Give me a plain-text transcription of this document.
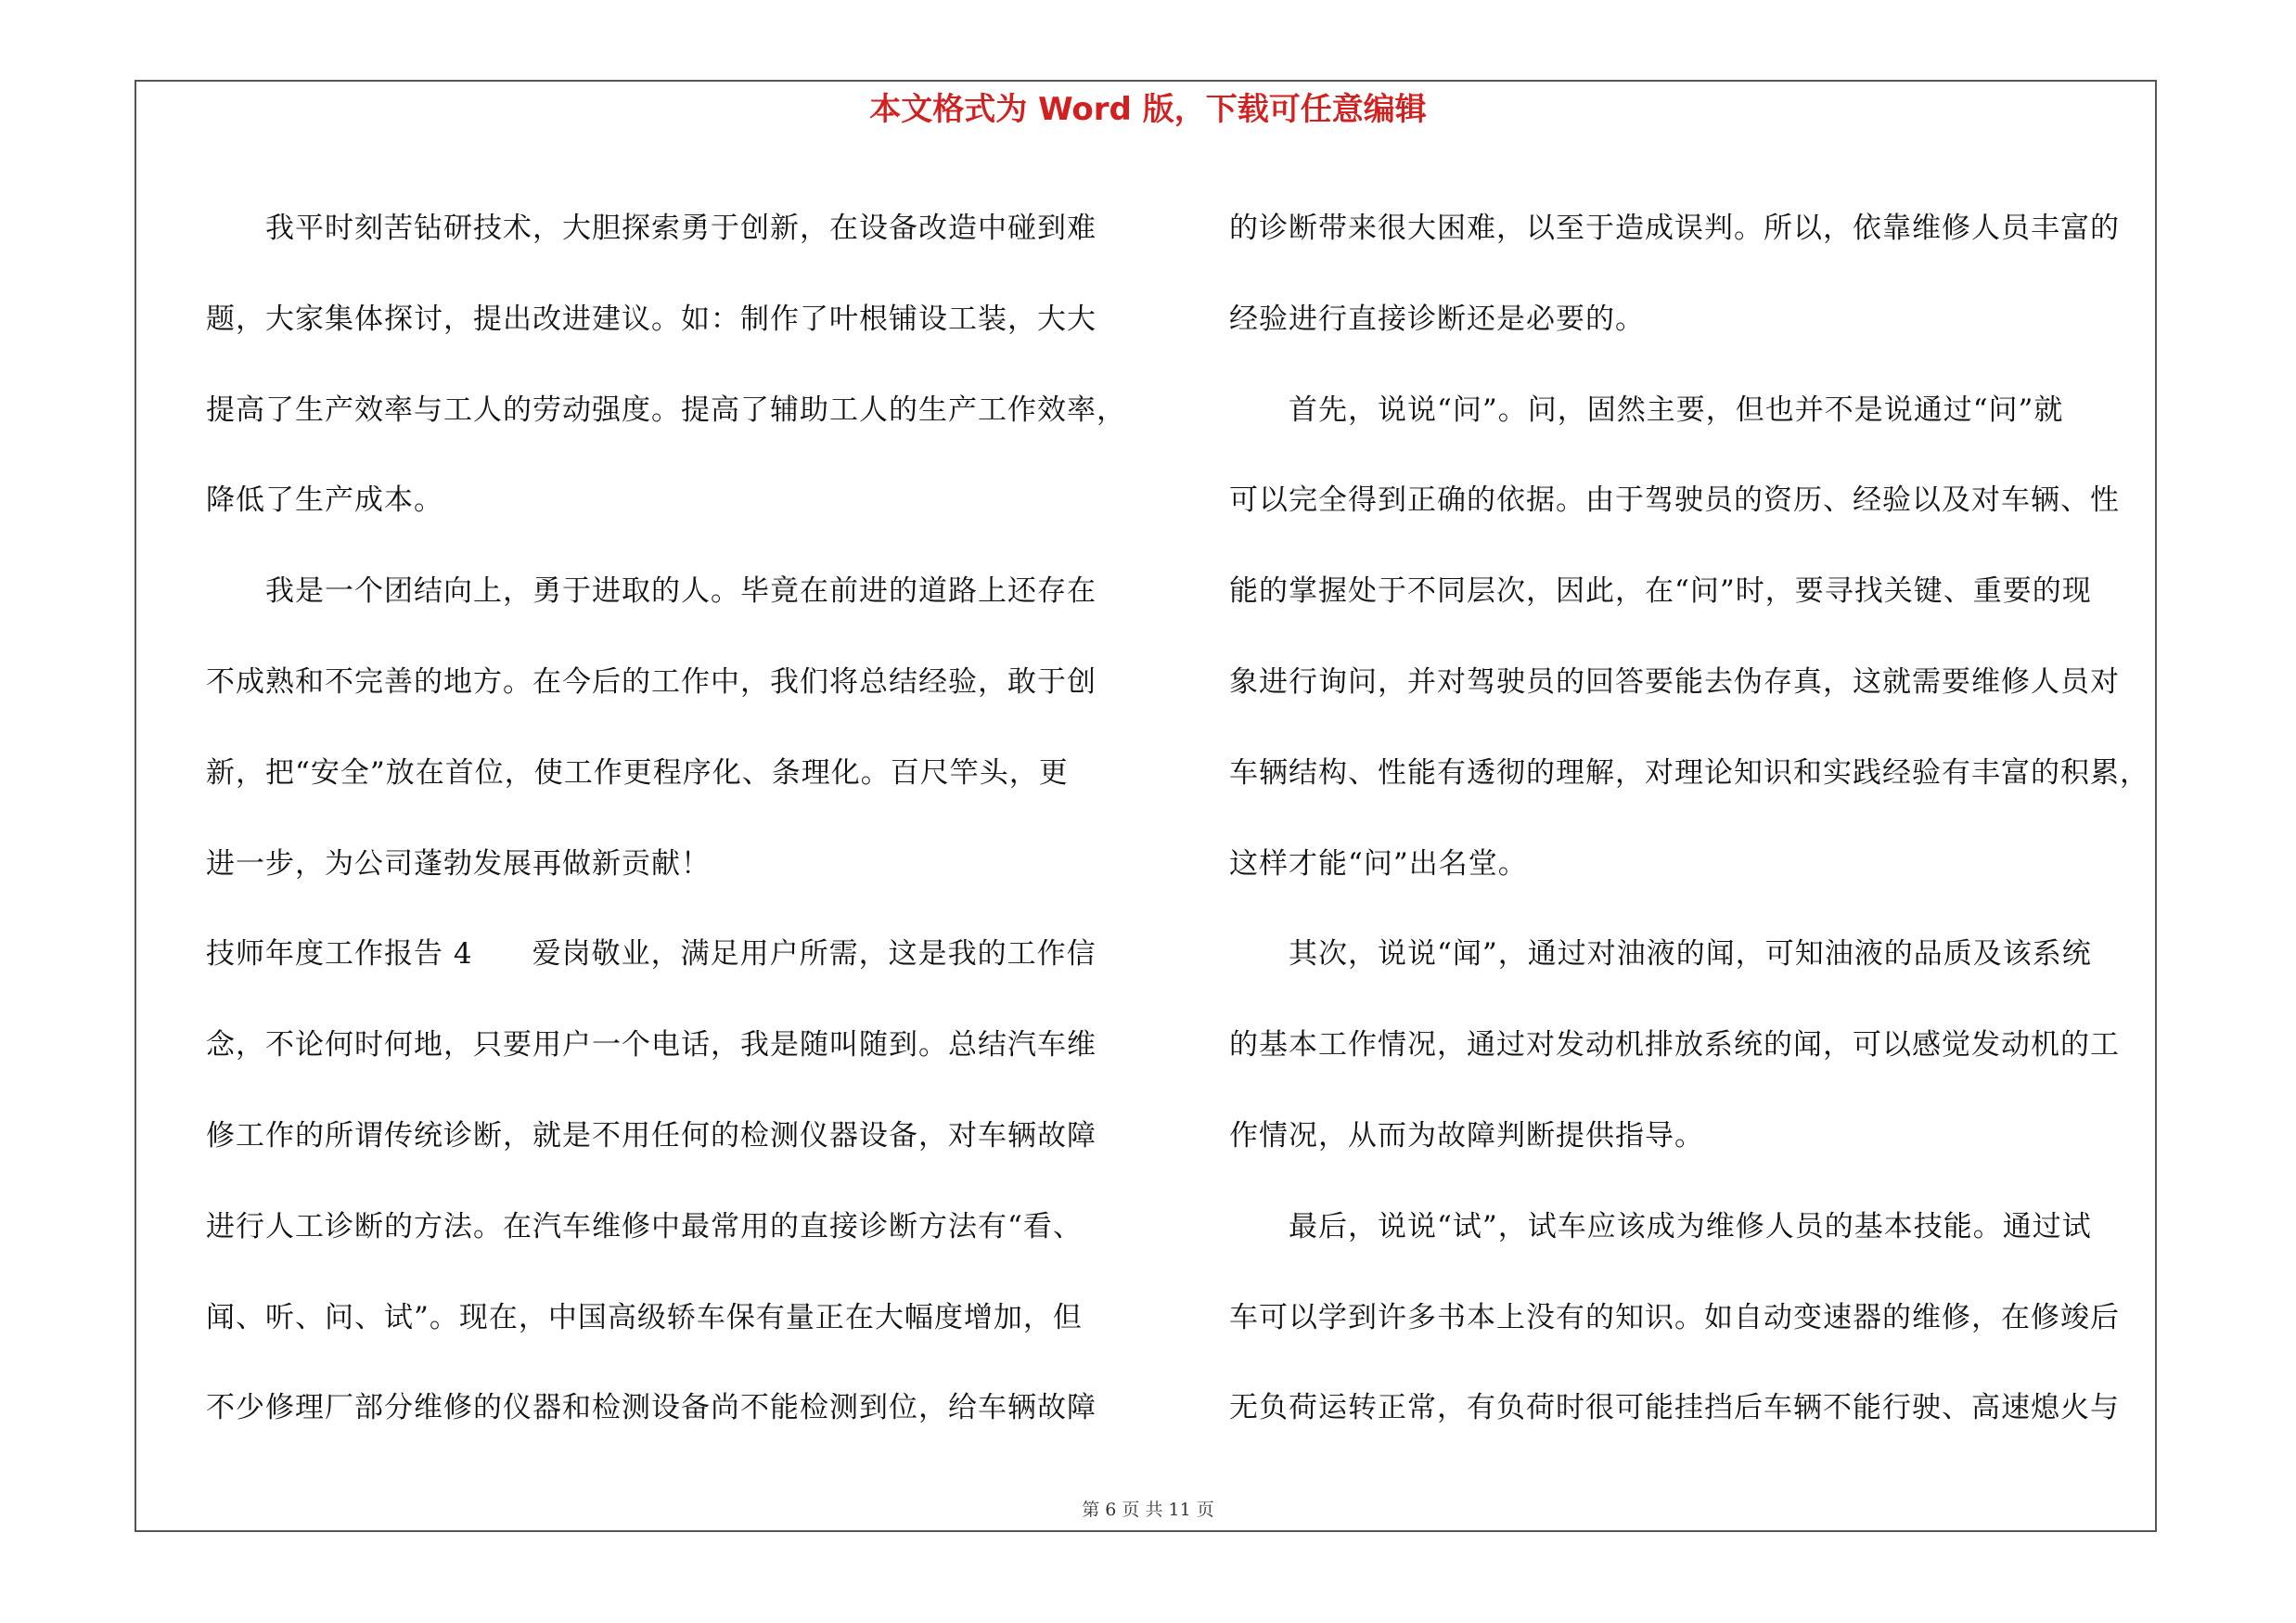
本文格式为 Word 版，下载可任意编辑

　　我平时刻苦钻研技术，大胆探索勇于创新，在设备改造中碰到难

题，大家集体探讨，提出改进建议。如：制作了叶根铺设工装，大大

提高了生产效率与工人的劳动强度。提高了辅助工人的生产工作效率，

降低了生产成本。

　　我是一个团结向上，勇于进取的人。毕竟在前进的道路上还存在

不成熟和不完善的地方。在今后的工作中，我们将总结经验，敢于创

新，把“安全”放在首位，使工作更程序化、条理化。百尺竿头，更

进一步，为公司蓬勃发展再做新贡献！

技师年度工作报告 4　　爱岗敬业，满足用户所需，这是我的工作信

念，不论何时何地，只要用户一个电话，我是随叫随到。总结汽车维

修工作的所谓传统诊断，就是不用任何的检测仪器设备，对车辆故障

进行人工诊断的方法。在汽车维修中最常用的直接诊断方法有“看、

闻、听、问、试”。现在，中国高级轿车保有量正在大幅度增加，但

不少修理厂部分维修的仪器和检测设备尚不能检测到位，给车辆故障

的诊断带来很大困难，以至于造成误判。所以，依靠维修人员丰富的

经验进行直接诊断还是必要的。

　　首先，说说“问”。问，固然主要，但也并不是说通过“问”就

可以完全得到正确的依据。由于驾驶员的资历、经验以及对车辆、性

能的掌握处于不同层次，因此，在“问”时，要寻找关键、重要的现

象进行询问，并对驾驶员的回答要能去伪存真，这就需要维修人员对

车辆结构、性能有透彻的理解，对理论知识和实践经验有丰富的积累，

这样才能“问”出名堂。

　　其次，说说“闻”，通过对油液的闻，可知油液的品质及该系统

的基本工作情况，通过对发动机排放系统的闻，可以感觉发动机的工

作情况，从而为故障判断提供指导。

　　最后，说说“试”，试车应该成为维修人员的基本技能。通过试

车可以学到许多书本上没有的知识。如自动变速器的维修，在修竣后

无负荷运转正常，有负荷时很可能挂挡后车辆不能行驶、高速熄火与

第 6 页 共 11 页
